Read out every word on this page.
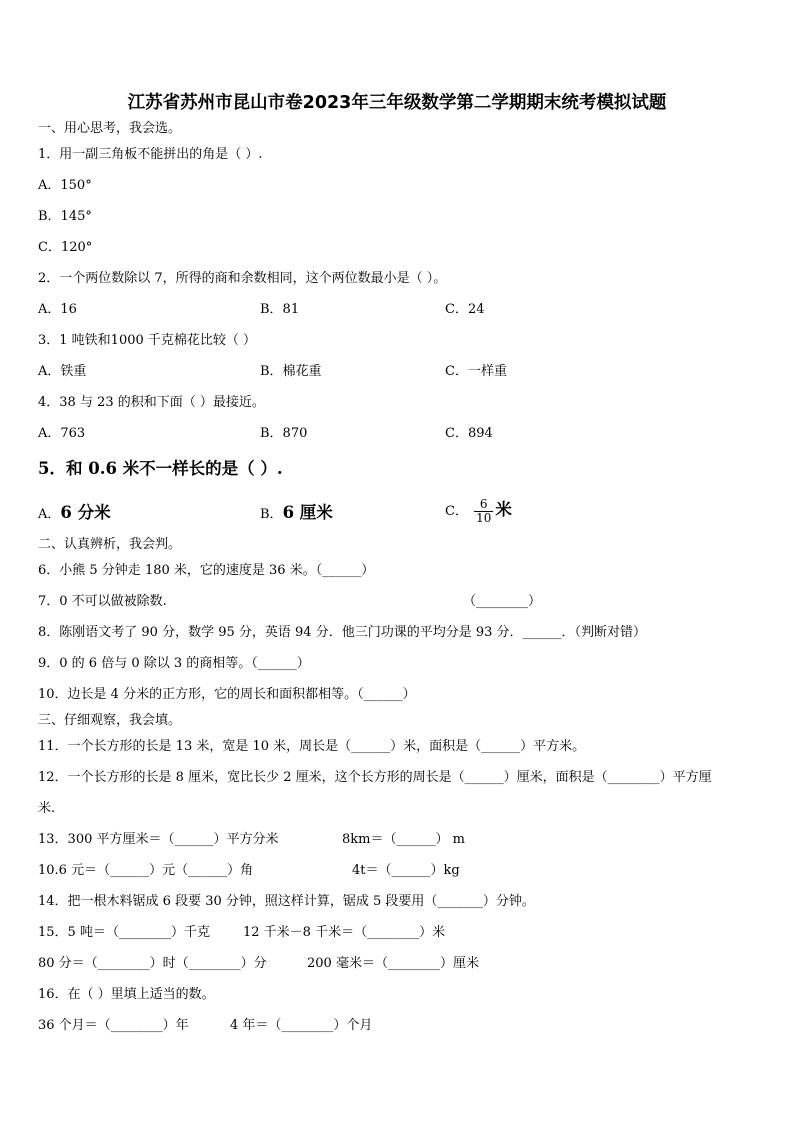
江苏省苏州市昆山市卷2023年三年级数学第二学期期末统考模拟试题
一、用心思考，我会选。
1．用一副三角板不能拼出的角是（ ）.
A．150°
B．145°
C．120°
2．一个两位数除以 7，所得的商和余数相同，这个两位数最小是（ ）。
A．16	B．81	C．24
3．1 吨铁和1000 千克棉花比较（ ）
A．铁重	B．棉花重	C．一样重
4．38 与 23 的积和下面（ ）最接近。
A．763	B．870	C．894
5．和 0.6 米不一样长的是（ ）.
A．6 分米	B．6 厘米	C． $\frac{6}{10}$ 米
二、认真辨析，我会判。
6．小熊 5 分钟走 180 米，它的速度是 36 米。（______）
7．0 不可以做被除数.	（________）
8．陈刚语文考了 90 分，数学 95 分，英语 94 分．他三门功课的平均分是 93 分．______．（判断对错）
9．0 的 6 倍与 0 除以 3 的商相等。（______）
10．边长是 4 分米的正方形，它的周长和面积都相等。（______）
三、仔细观察，我会填。
11．一个长方形的长是 13 米，宽是 10 米，周长是（______）米，面积是（______）平方米。
12．一个长方形的长是 8 厘米，宽比长少 2 厘米，这个长方形的周长是（______）厘米，面积是（________）平方厘
米.
13．300 平方厘米＝（______）平方分米	8km＝（______） m
10.6 元＝（______）元（______）角	4t＝（______）kg
14．把一根木料锯成 6 段要 30 分钟，照这样计算，锯成 5 段要用（_______）分钟。
15．5 吨＝（________）千克	12 千米－8 千米＝（________）米
80 分＝（________）时（________）分	200 毫米＝（________）厘米
16．在（ ）里填上适当的数。
36 个月＝（________）年	4 年＝（________）个月
